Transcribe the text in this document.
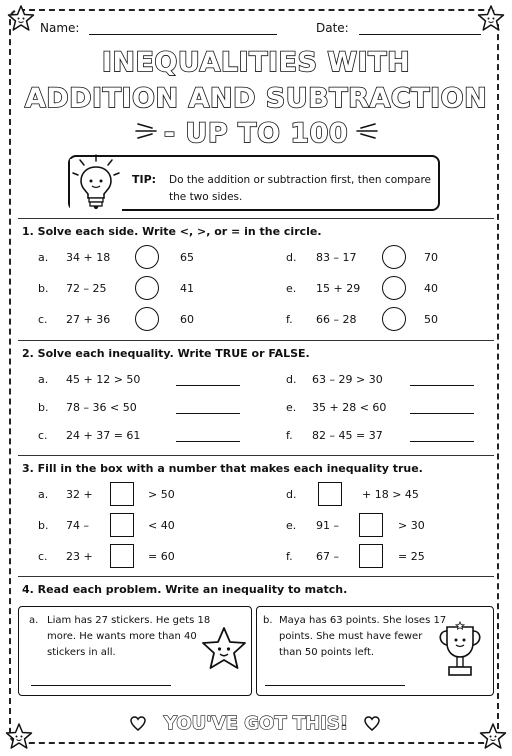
Name:	Date:
INEQUALITIES WITH
ADDITION AND SUBTRACTION
- UP TO 100
TIP: Do the addition or subtraction first, then compare the two sides.
1. Solve each side. Write <, >, or = in the circle.
a. 34 + 18	65
b. 72 – 25	41
c. 27 + 36	60
d. 83 – 17	70
e. 15 + 29	40
f. 66 – 28	50
2. Solve each inequality. Write TRUE or FALSE.
a. 45 + 12 > 50
b. 78 – 36 < 50
c. 24 + 37 = 61
d. 63 – 29 > 30
e. 35 + 28 < 60
f. 82 – 45 = 37
3. Fill in the box with a number that makes each inequality true.
a. 32 +	> 50
b. 74 –	< 40
c. 23 +	= 60
d.	+ 18 > 45
e. 91 –	> 30
f. 67 –	= 25
4. Read each problem. Write an inequality to match.
a. Liam has 27 stickers. He gets 18
more. He wants more than 40
stickers in all.
b. Maya has 63 points. She loses 17
points. She must have fewer
than 50 points left.
YOU'VE GOT THIS!
